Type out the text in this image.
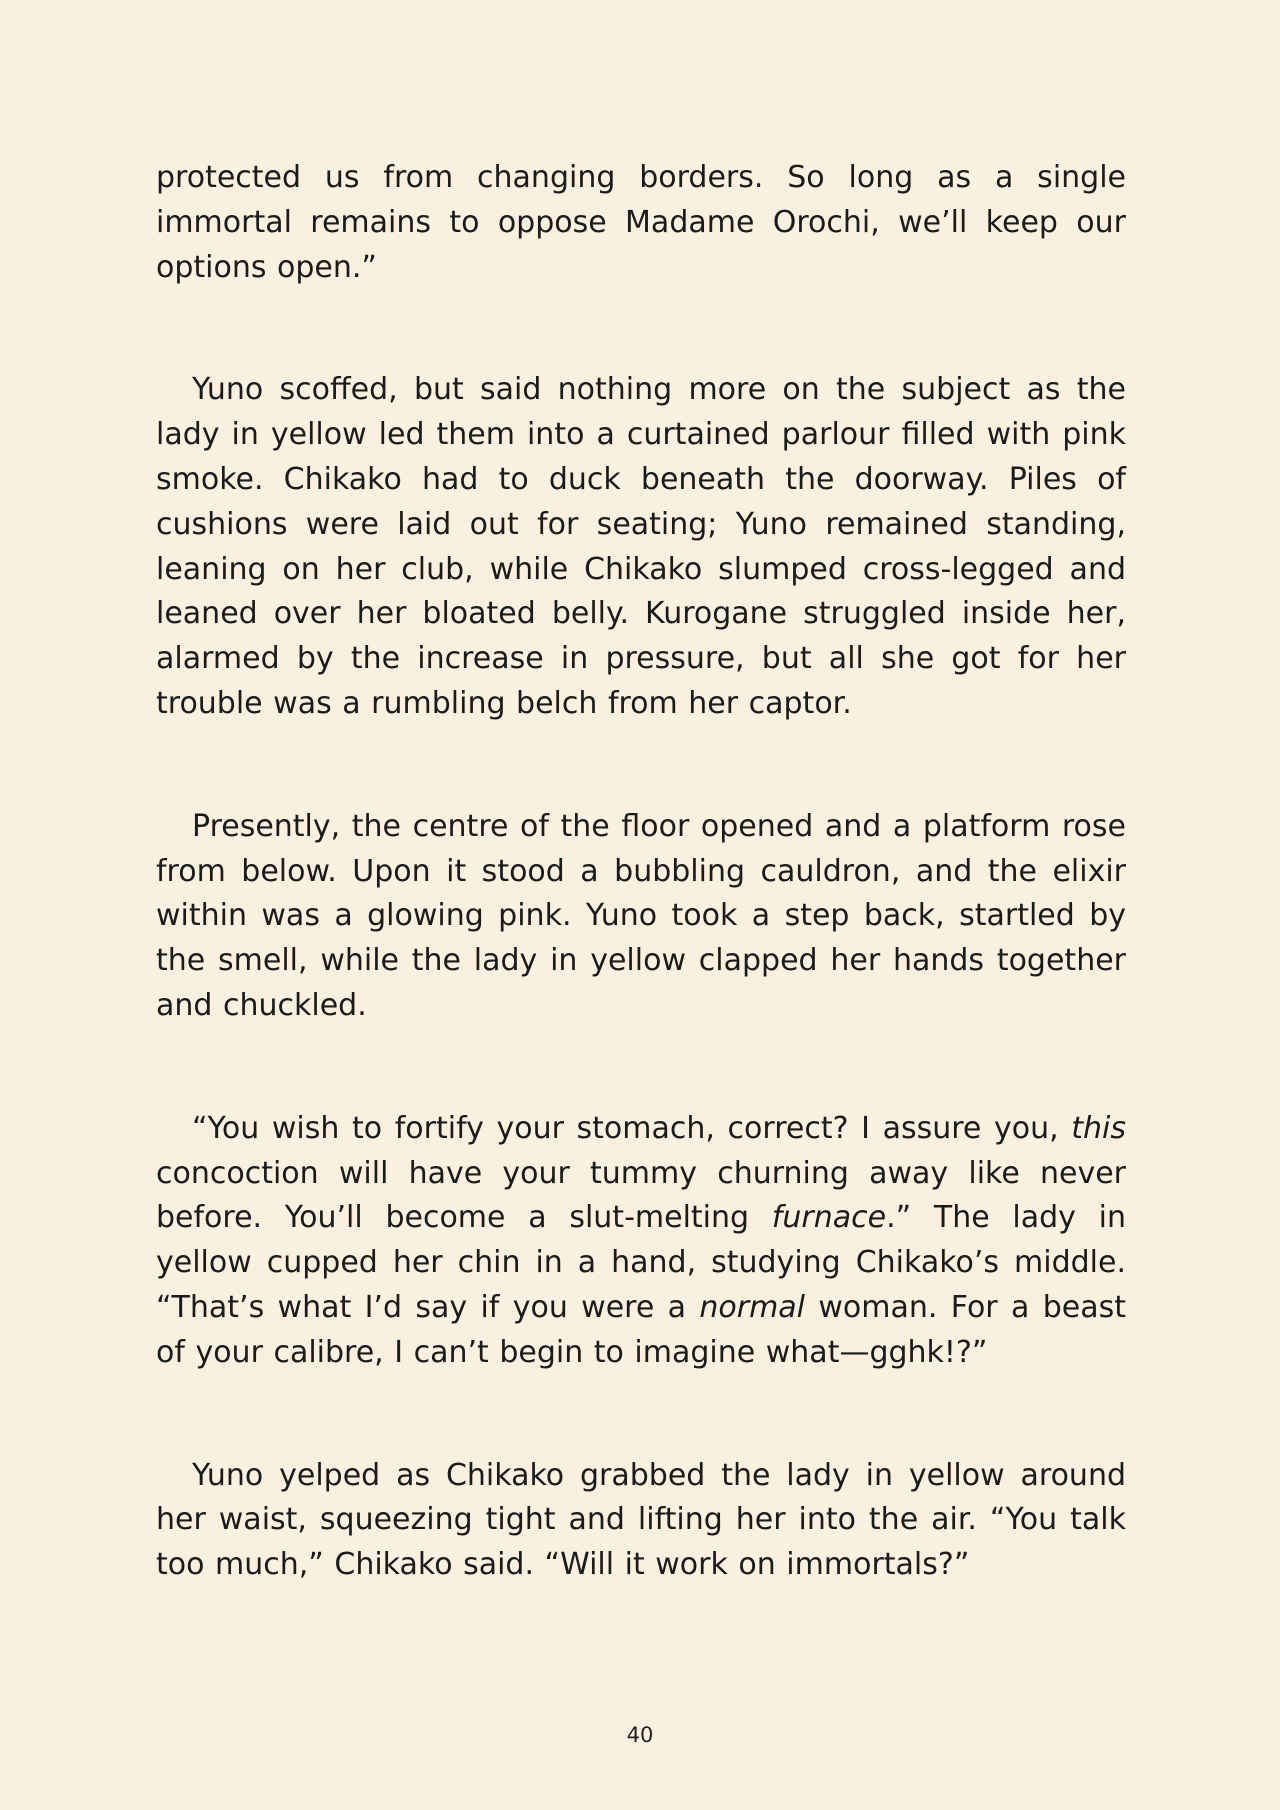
protected us from changing borders. So long as a single immortal remains to oppose Madame Orochi, we’ll keep our options open.”

Yuno scoffed, but said nothing more on the subject as the lady in yellow led them into a curtained parlour filled with pink smoke. Chikako had to duck beneath the doorway. Piles of cushions were laid out for seating; Yuno remained standing, leaning on her club, while Chikako slumped cross-legged and leaned over her bloated belly. Kurogane struggled inside her, alarmed by the increase in pressure, but all she got for her trouble was a rumbling belch from her captor.

Presently, the centre of the floor opened and a platform rose from below. Upon it stood a bubbling cauldron, and the elixir within was a glowing pink. Yuno took a step back, startled by the smell, while the lady in yellow clapped her hands together and chuckled.

“You wish to fortify your stomach, correct? I assure you, this concoction will have your tummy churning away like never before. You’ll become a slut-melting furnace.” The lady in yellow cupped her chin in a hand, studying Chikako’s middle. “That’s what I’d say if you were a normal woman. For a beast of your calibre, I can’t begin to imagine what—gghk!?”

Yuno yelped as Chikako grabbed the lady in yellow around her waist, squeezing tight and lifting her into the air. “You talk too much,” Chikako said. “Will it work on immortals?”

40
